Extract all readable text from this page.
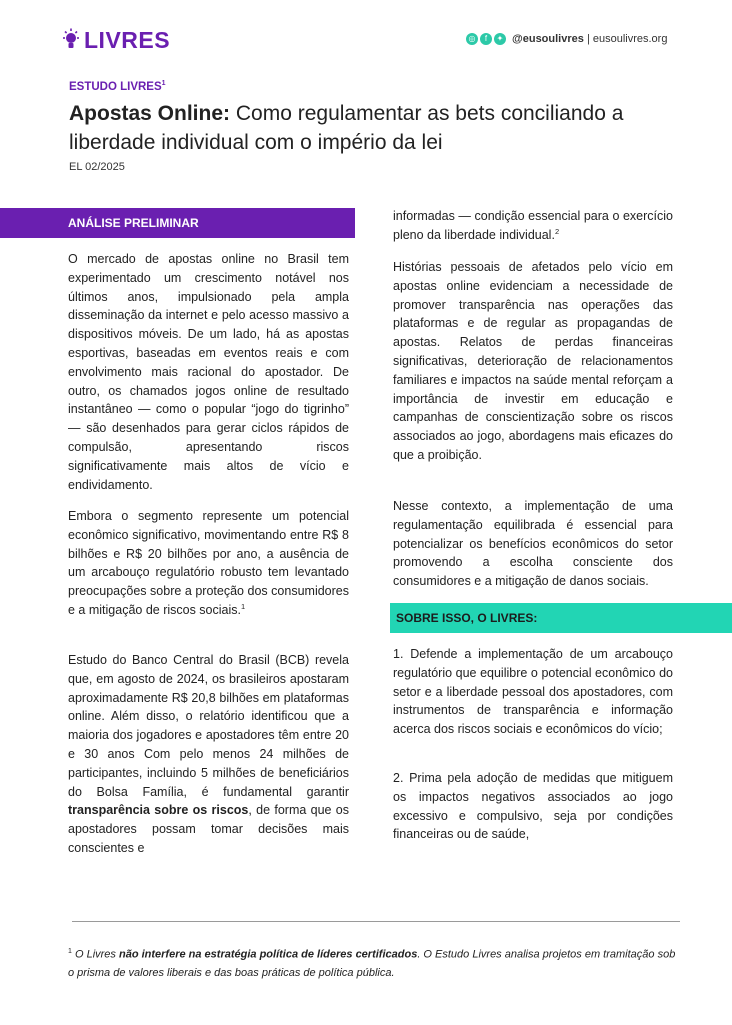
LIVRES	◎	f	✦ @eusoulivres | eusoulivres.org
ESTUDO LIVRES$^1$
Apostas Online: Como regulamentar as bets conciliando a liberdade individual com o império da lei
EL 02/2025
ANÁLISE PRELIMINAR

O mercado de apostas online no Brasil tem experimentado um crescimento notável nos últimos anos, impulsionado pela ampla disseminação da internet e pelo acesso massivo a dispositivos móveis. De um lado, há as apostas esportivas, baseadas em eventos reais e com envolvimento mais racional do apostador. De outro, os chamados jogos online de resultado instantâneo — como o popular “jogo do tigrinho” — são desenhados para gerar ciclos rápidos de compulsão, apresentando riscos significativamente mais altos de vício e endividamento.

Embora o segmento represente um potencial econômico significativo, movimentando entre R$ 8 bilhões e R$ 20 bilhões por ano, a ausência de um arcabouço regulatório robusto tem levantado preocupações sobre a proteção dos consumidores e a mitigação de riscos sociais.$^1$

Estudo do Banco Central do Brasil (BCB) revela que, em agosto de 2024, os brasileiros apostaram aproximadamente R$ 20,8 bilhões em plataformas online. Além disso, o relatório identificou que a maioria dos jogadores e apostadores têm entre 20 e 30 anos Com pelo menos 24 milhões de participantes, incluindo 5 milhões de beneficiários do Bolsa Família, é fundamental garantir transparência sobre os riscos, de forma que os apostadores possam tomar decisões mais conscientes e

informadas — condição essencial para o exercício pleno da liberdade individual.$^2$

Histórias pessoais de afetados pelo vício em apostas online evidenciam a necessidade de promover transparência nas operações das plataformas e de regular as propagandas de apostas. Relatos de perdas financeiras significativas, deterioração de relacionamentos familiares e impactos na saúde mental reforçam a importância de investir em educação e campanhas de conscientização sobre os riscos associados ao jogo, abordagens mais eficazes do que a proibição.

Nesse contexto, a implementação de uma regulamentação equilibrada é essencial para potencializar os benefícios econômicos do setor promovendo a escolha consciente dos consumidores e a mitigação de danos sociais.

SOBRE ISSO, O LIVRES:

1. Defende a implementação de um arcabouço regulatório que equilibre o potencial econômico do setor e a liberdade pessoal dos apostadores, com instrumentos de transparência e informação acerca dos riscos sociais e econômicos do vício;

2. Prima pela adoção de medidas que mitiguem os impactos negativos associados ao jogo excessivo e compulsivo, seja por condições financeiras ou de saúde,

$^1$ O Livres não interfere na estratégia política de líderes certificados. O Estudo Livres analisa projetos em tramitação sob o prisma de valores liberais e das boas práticas de política pública.
